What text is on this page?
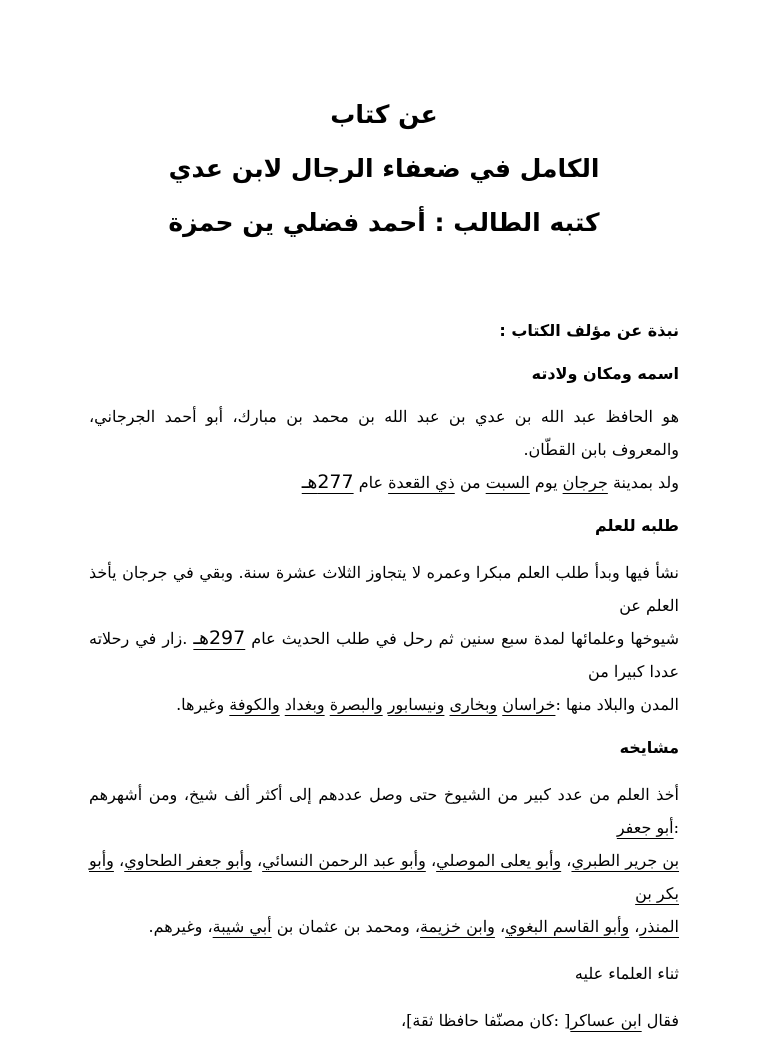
عن كتاب
الكامل في ضعفاء الرجال لابن عدي
كتبه الطالب : أحمد فضلي ين حمزة
نبذة عن مؤلف الكتاب :
اسمه ومكان ولادته
هو الحافظ عبد الله بن عدي بن عبد الله بن محمد بن مبارك، أبو أحمد الجرجاني، والمعروف بابن القطّان.
ولد بمدينة جرجان يوم السبت من ذي القعدة عام 277هـ
طلبه للعلم
نشأ فيها وبدأ طلب العلم مبكرا وعمره لا يتجاوز الثلاث عشرة سنة. وبقي في جرجان يأخذ العلم عن
شيوخها وعلمائها لمدة سبع سنين ثم رحل في طلب الحديث عام 297هـ .زار في رحلاته عددا كبيرا من
المدن والبلاد منها :خراسان وبخارى ونيسابور والبصرة وبغداد والكوفة وغيرها.
مشايخه
أخذ العلم من عدد كبير من الشيوخ حتى وصل عددهم إلى أكثر ألف شيخ، ومن أشهرهم :أبو جعفر
بن جرير الطبري، وأبو يعلى الموصلي، وأبو عبد الرحمن النسائي، وأبو جعفر الطحاوي، وأبو بكر بن
المنذر، وأبو القاسم البغوي، وابن خزيمة، ومحمد بن عثمان بن أبي شيبة، وغيرهم.
ثناء العلماء عليه
فقال ابن عساكر[ :كان مصنّفا حافظا ثقة]،
